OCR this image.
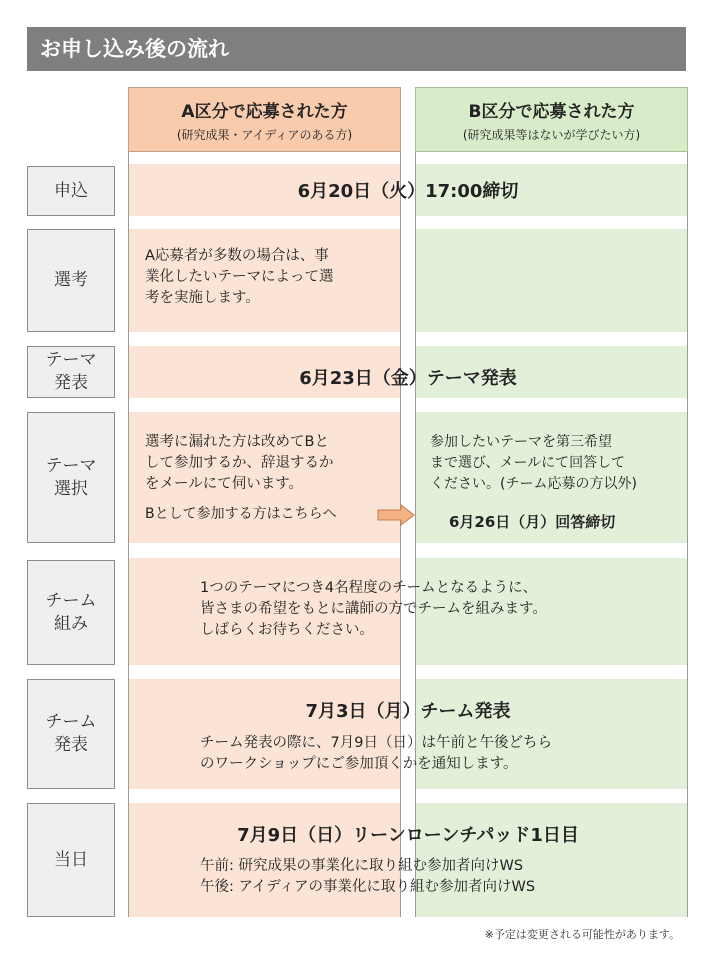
お申し込み後の流れ
A区分で応募された方
(研究成果・アイディアのある方)
B区分で応募された方
(研究成果等はないが学びたい方)
申込
選考
テーマ
発表
テーマ
選択
チーム
組み
チーム
発表
当日
6月20日（火）17:00締切
A応募者が多数の場合は、事
業化したいテーマによって選
考を実施します。
6月23日（金）テーマ発表
選考に漏れた方は改めてBと
して参加するか、辞退するか
をメールにて伺います。
Bとして参加する方はこちらへ
参加したいテーマを第三希望
まで選び、メールにて回答して
ください。(チーム応募の方以外)
6月26日（月）回答締切
1つのテーマにつき4名程度のチームとなるように、
皆さまの希望をもとに講師の方でチームを組みます。
しばらくお待ちください。
7月3日（月）チーム発表
チーム発表の際に、7月9日（日）は午前と午後どちら
のワークショップにご参加頂くかを通知します。
7月9日（日）リーンローンチパッド1日目
午前: 研究成果の事業化に取り組む参加者向けWS
午後: アイディアの事業化に取り組む参加者向けWS
※予定は変更される可能性があります。
